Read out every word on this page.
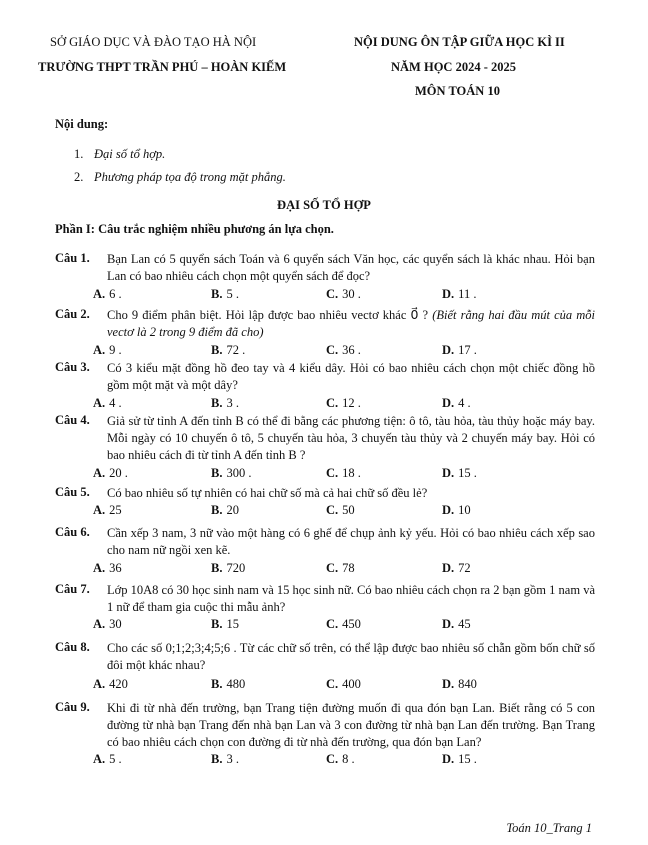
SỞ GIÁO DỤC VÀ ĐÀO TẠO HÀ NỘI
TRƯỜNG THPT TRẦN PHÚ – HOÀN KIẾM
NỘI DUNG ÔN TẬP GIỮA HỌC KÌ II
NĂM HỌC 2024 - 2025
MÔN TOÁN 10
Nội dung:
1. Đại số tổ hợp.
2. Phương pháp tọa độ trong mặt phẳng.
ĐẠI SỐ TỔ HỢP
Phần I: Câu trắc nghiệm nhiều phương án lựa chọn.
Câu 1. Bạn Lan có 5 quyển sách Toán và 6 quyển sách Văn học, các quyển sách là khác nhau. Hỏi bạn Lan có bao nhiêu cách chọn một quyển sách để đọc?
A. 6 .	B. 5 .	C. 30 .	D. 11 .
Câu 2. Cho 9 điểm phân biệt. Hỏi lập được bao nhiêu vectơ khác 0⃗ ? (Biết rằng hai đầu mút của mỗi vectơ là 2 trong 9 điểm đã cho)
A. 9 .	B. 72 .	C. 36 .	D. 17 .
Câu 3. Có 3 kiểu mặt đồng hồ đeo tay và 4 kiểu dây. Hỏi có bao nhiêu cách chọn một chiếc đồng hồ gồm một mặt và một dây?
A. 4 .	B. 3 .	C. 12 .	D. 4 .
Câu 4. Giả sử từ tỉnh A đến tỉnh B có thể đi bằng các phương tiện: ô tô, tàu hỏa, tàu thủy hoặc máy bay. Mỗi ngày có 10 chuyến ô tô, 5 chuyến tàu hỏa, 3 chuyến tàu thủy và 2 chuyến máy bay. Hỏi có bao nhiêu cách đi từ tỉnh A đến tỉnh B ?
A. 20 .	B. 300 .	C. 18 .	D. 15 .
Câu 5. Có bao nhiêu số tự nhiên có hai chữ số mà cả hai chữ số đều lẻ?
A. 25	B. 20	C. 50	D. 10
Câu 6. Cần xếp 3 nam, 3 nữ vào một hàng có 6 ghế để chụp ảnh kỷ yếu. Hỏi có bao nhiêu cách xếp sao cho nam nữ ngồi xen kẽ.
A. 36	B. 720	C. 78	D. 72
Câu 7. Lớp 10A8 có 30 học sinh nam và 15 học sinh nữ. Có bao nhiêu cách chọn ra 2 bạn gồm 1 nam và 1 nữ để tham gia cuộc thi mẫu ảnh?
A. 30	B. 15	C. 450	D. 45
Câu 8. Cho các số 0;1;2;3;4;5;6 . Từ các chữ số trên, có thể lập được bao nhiêu số chẵn gồm bốn chữ số đôi một khác nhau?
A. 420	B. 480	C. 400	D. 840
Câu 9. Khi đi từ nhà đến trường, bạn Trang tiện đường muốn đi qua đón bạn Lan. Biết rằng có 5 con đường từ nhà bạn Trang đến nhà bạn Lan và 3 con đường từ nhà bạn Lan đến trường. Bạn Trang có bao nhiêu cách chọn con đường đi từ nhà đến trường, qua đón bạn Lan?
A. 5 .	B. 3 .	C. 8 .	D. 15 .
Toán 10_Trang 1
